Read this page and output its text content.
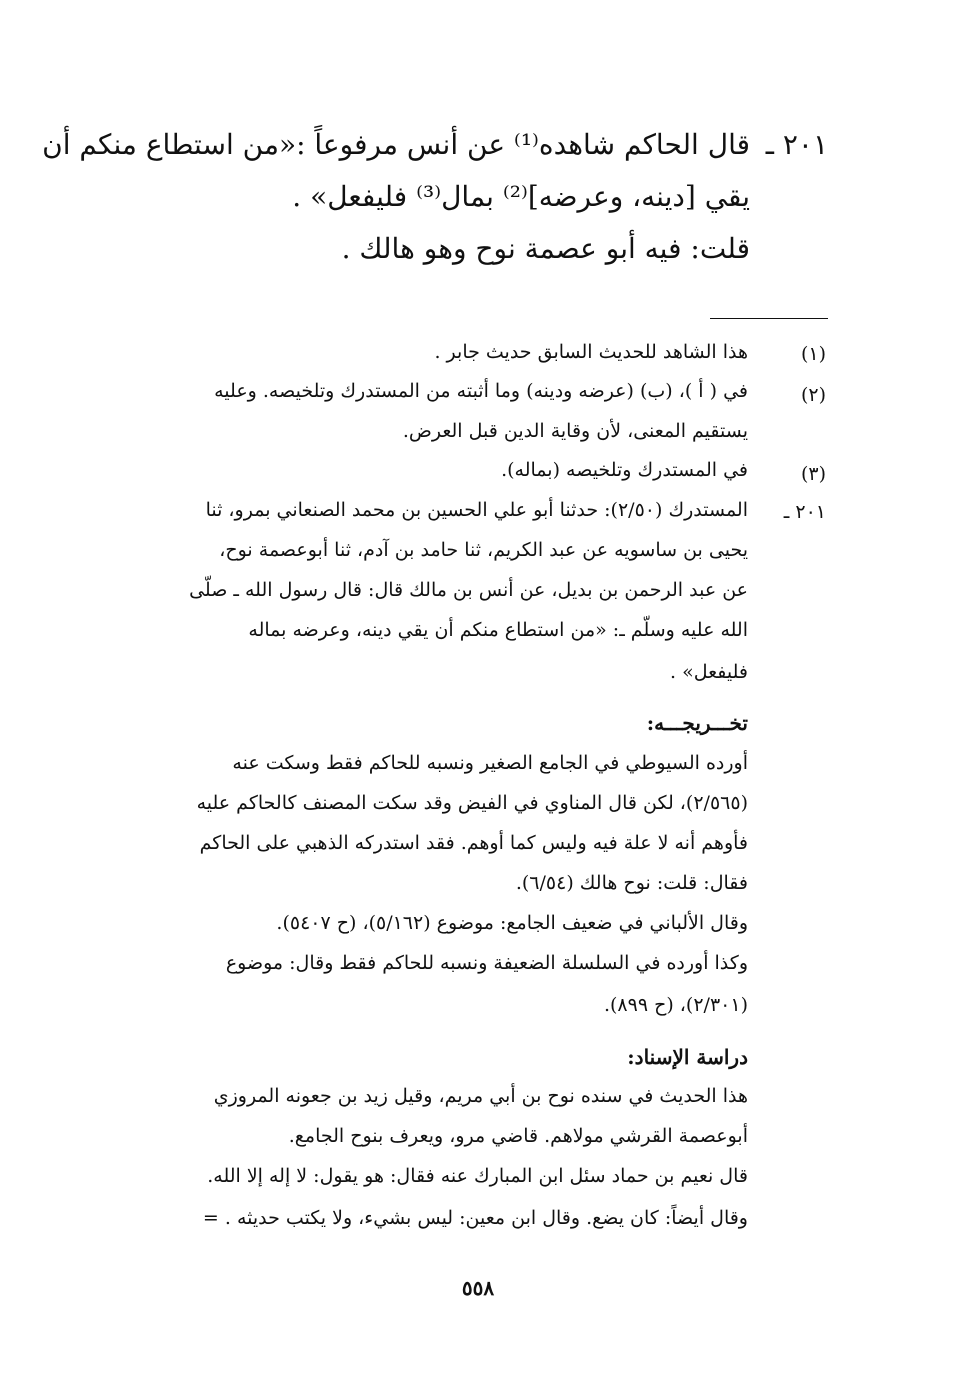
٢٠١ ـ
قال الحاكم شاهده⁽¹⁾ عن أنس مرفوعاً :«من استطاع منكم أن
يقي [دينه، وعرضه]⁽²⁾ بمال⁽³⁾ فليفعل» .
قلت: فيه أبو عصمة نوح وهو هالك .
(١)
هذا الشاهد للحديث السابق حديث جابر .
(٢)
في ( أ )، (ب) (عرضه ودينه) وما أثبته من المستدرك وتلخيصه. وعليه
يستقيم المعنى، لأن وقاية الدين قبل العرض.
(٣)
في المستدرك وتلخيصه (بماله).
٢٠١ ـ
المستدرك (٢/٥٠): حدثنا أبو علي الحسين بن محمد الصنعاني بمرو، ثنا
يحيى بن ساسويه عن عبد الكريم، ثنا حامد بن آدم، ثنا أبوعصمة نوح،
عن عبد الرحمن بن بديل، عن أنس بن مالك قال: قال رسول الله ـ صلّى
الله عليه وسلّم ـ: «من استطاع منكم أن يقي دينه، وعرضه بماله
فليفعل» .
تخـــريجـــه:
أورده السيوطي في الجامع الصغير ونسبه للحاكم فقط وسكت عنه
(٢/٥٦٥)، لكن قال المناوي في الفيض وقد سكت المصنف كالحاكم عليه
فأوهم أنه لا علة فيه وليس كما أوهم. فقد استدركه الذهبي على الحاكم
فقال: قلت: نوح هالك (٦/٥٤).
وقال الألباني في ضعيف الجامع: موضوع (٥/١٦٢)، (ح ٥٤٠٧).
وكذا أورده في السلسلة الضعيفة ونسبه للحاكم فقط وقال: موضوع
(٢/٣٠١)، (ح ٨٩٩).
دراسة الإسناد:
هذا الحديث في سنده نوح بن أبي مريم، وقيل زيد بن جعونه المروزي
أبوعصمة القرشي مولاهم. قاضي مرو، ويعرف بنوح الجامع.
قال نعيم بن حماد سئل ابن المبارك عنه فقال: هو يقول: لا إله إلا الله.
وقال أيضاً: كان يضع. وقال ابن معين: ليس بشيء، ولا يكتب حديثه . =
٥٥٨
